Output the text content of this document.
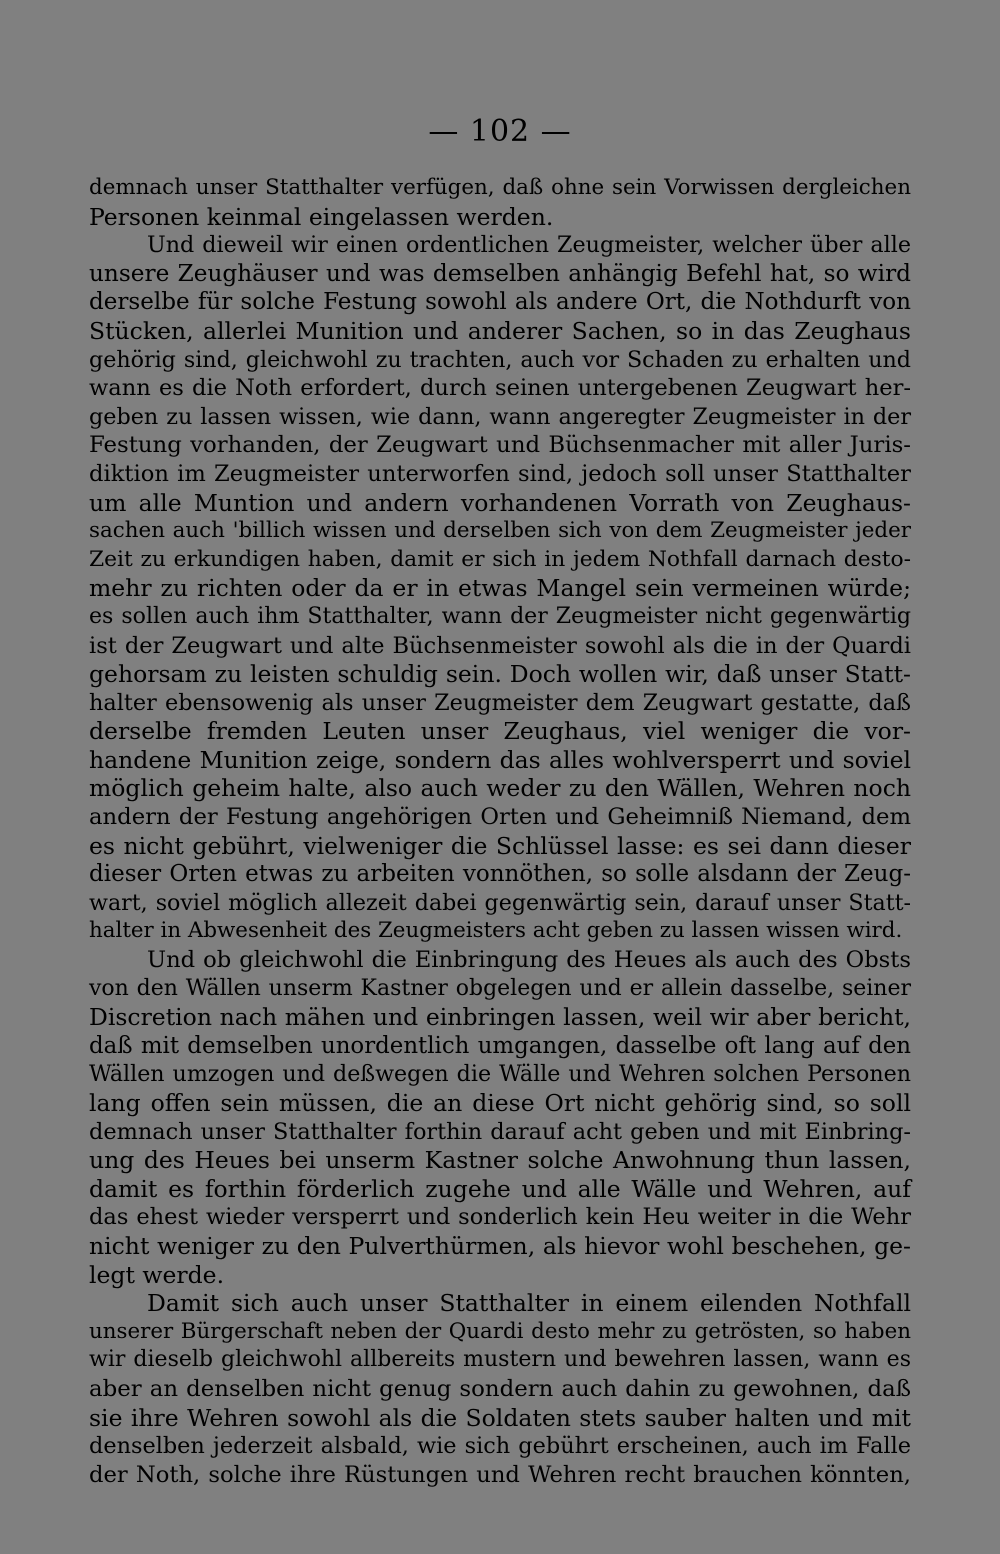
— 102 —
demnach unser Statthalter verfügen, daß ohne sein Vorwissen dergleichen
Personen keinmal eingelassen werden.
Und dieweil wir einen ordentlichen Zeugmeister, welcher über alle
unsere Zeughäuser und was demselben anhängig Befehl hat, so wird
derselbe für solche Festung sowohl als andere Ort, die Nothdurft von
Stücken, allerlei Munition und anderer Sachen, so in das Zeughaus
gehörig sind, gleichwohl zu trachten, auch vor Schaden zu erhalten und
wann es die Noth erfordert, durch seinen untergebenen Zeugwart her-
geben zu lassen wissen, wie dann, wann angeregter Zeugmeister in der
Festung vorhanden, der Zeugwart und Büchsenmacher mit aller Juris-
diktion im Zeugmeister unterworfen sind, jedoch soll unser Statthalter
um alle Muntion und andern vorhandenen Vorrath von Zeughaus-
sachen auch 'billich wissen und derselben sich von dem Zeugmeister jeder
Zeit zu erkundigen haben, damit er sich in jedem Nothfall darnach desto-
mehr zu richten oder da er in etwas Mangel sein vermeinen würde;
es sollen auch ihm Statthalter, wann der Zeugmeister nicht gegenwärtig
ist der Zeugwart und alte Büchsenmeister sowohl als die in der Quardi
gehorsam zu leisten schuldig sein. Doch wollen wir, daß unser Statt-
halter ebensowenig als unser Zeugmeister dem Zeugwart gestatte, daß
derselbe fremden Leuten unser Zeughaus, viel weniger die vor-
handene Munition zeige, sondern das alles wohlversperrt und soviel
möglich geheim halte, also auch weder zu den Wällen, Wehren noch
andern der Festung angehörigen Orten und Geheimniß Niemand, dem
es nicht gebührt, vielweniger die Schlüssel lasse: es sei dann dieser
dieser Orten etwas zu arbeiten vonnöthen, so solle alsdann der Zeug-
wart, soviel möglich allezeit dabei gegenwärtig sein, darauf unser Statt-
halter in Abwesenheit des Zeugmeisters acht geben zu lassen wissen wird.
Und ob gleichwohl die Einbringung des Heues als auch des Obsts
von den Wällen unserm Kastner obgelegen und er allein dasselbe, seiner
Discretion nach mähen und einbringen lassen, weil wir aber bericht,
daß mit demselben unordentlich umgangen, dasselbe oft lang auf den
Wällen umzogen und deßwegen die Wälle und Wehren solchen Personen
lang offen sein müssen, die an diese Ort nicht gehörig sind, so soll
demnach unser Statthalter forthin darauf acht geben und mit Einbring-
ung des Heues bei unserm Kastner solche Anwohnung thun lassen,
damit es forthin förderlich zugehe und alle Wälle und Wehren, auf
das ehest wieder versperrt und sonderlich kein Heu weiter in die Wehr
nicht weniger zu den Pulverthürmen, als hievor wohl beschehen, ge-
legt werde.
Damit sich auch unser Statthalter in einem eilenden Nothfall
unserer Bürgerschaft neben der Quardi desto mehr zu getrösten, so haben
wir dieselb gleichwohl allbereits mustern und bewehren lassen, wann es
aber an denselben nicht genug sondern auch dahin zu gewohnen, daß
sie ihre Wehren sowohl als die Soldaten stets sauber halten und mit
denselben jederzeit alsbald, wie sich gebührt erscheinen, auch im Falle
der Noth, solche ihre Rüstungen und Wehren recht brauchen könnten,
